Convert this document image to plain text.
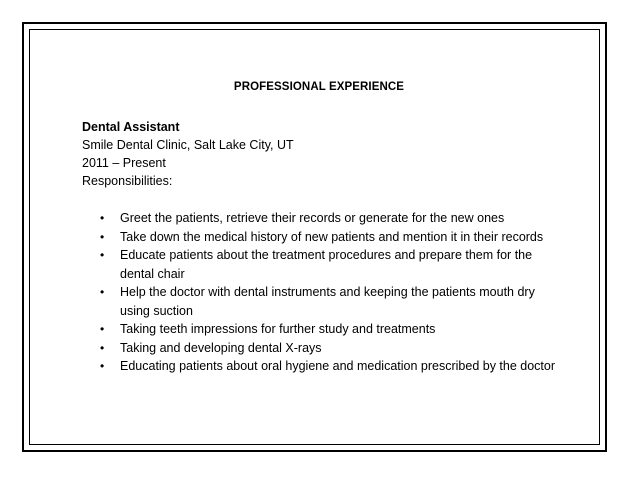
PROFESSIONAL EXPERIENCE
Dental Assistant
Smile Dental Clinic, Salt Lake City, UT
2011 – Present
Responsibilities:
• Greet the patients, retrieve their records or generate for the new ones
• Take down the medical history of new patients and mention it in their records
• Educate patients about the treatment procedures and prepare them for the dental chair
• Help the doctor with dental instruments and keeping the patients mouth dry using suction
• Taking teeth impressions for further study and treatments
• Taking and developing dental X-rays
• Educating patients about oral hygiene and medication prescribed by the doctor
